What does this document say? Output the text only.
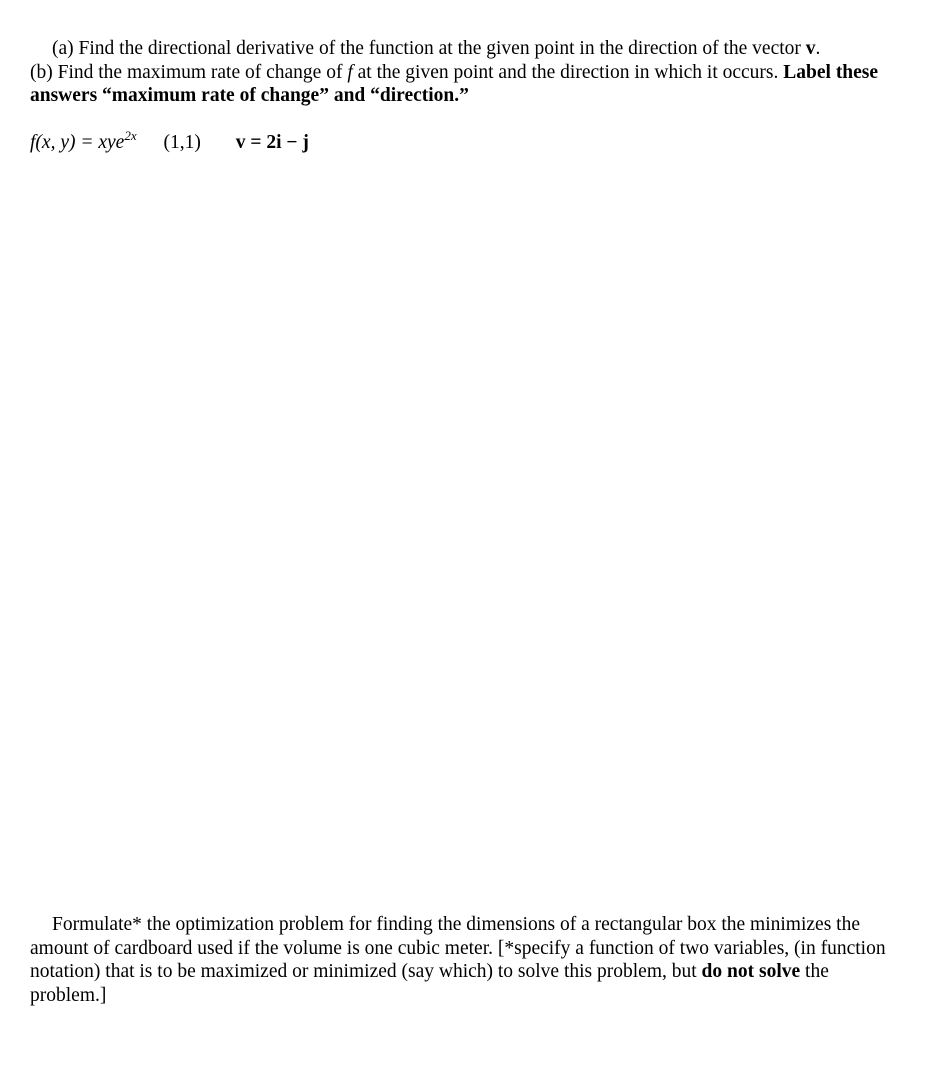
(a) Find the directional derivative of the function at the given point in the direction of the vector v.

(b) Find the maximum rate of change of f at the given point and the direction in which it occurs. Label these answers “maximum rate of change” and “direction.”

f(x, y) = xye$^{2x}$ (1,1) v = 2i − j

Formulate* the optimization problem for finding the dimensions of a rectangular box the minimizes the amount of cardboard used if the volume is one cubic meter. [*specify a function of two variables, (in function notation) that is to be maximized or minimized (say which) to solve this problem, but do not solve the problem.]
